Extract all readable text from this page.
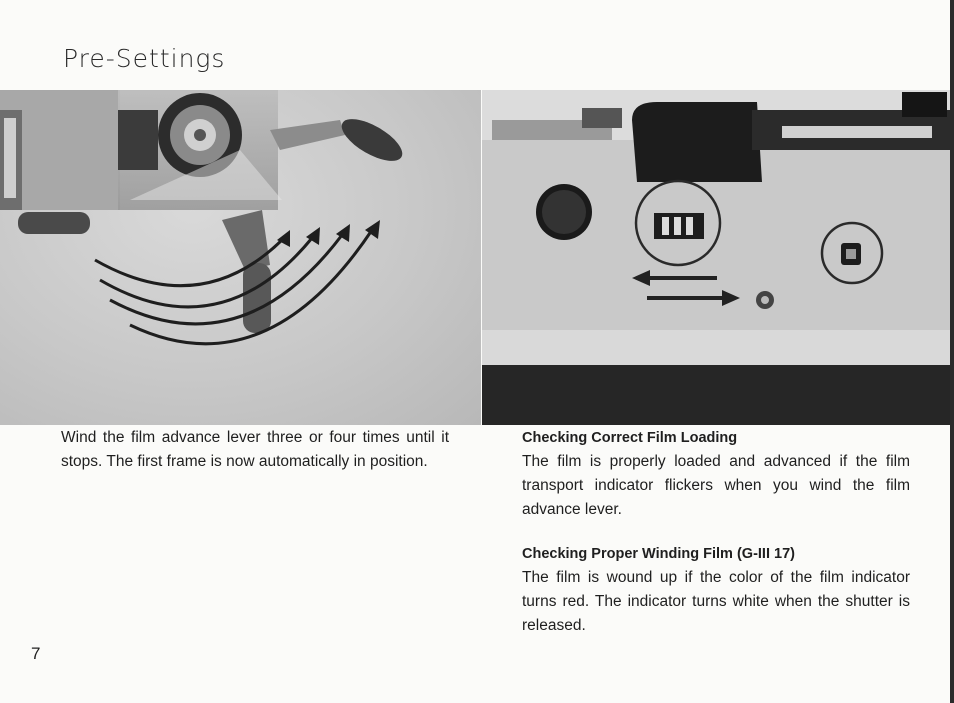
Pre-Settings
Wind the film advance lever three or four times until it stops. The first frame is now automatically in position.
Checking Correct Film Loading
The film is properly loaded and advanced if the film transport indicator flickers when you wind the film advance lever.
Checking Proper Winding Film (G-III 17)
The film is wound up if the color of the film indicator turns red. The indicator turns white when the shutter is released.
7
